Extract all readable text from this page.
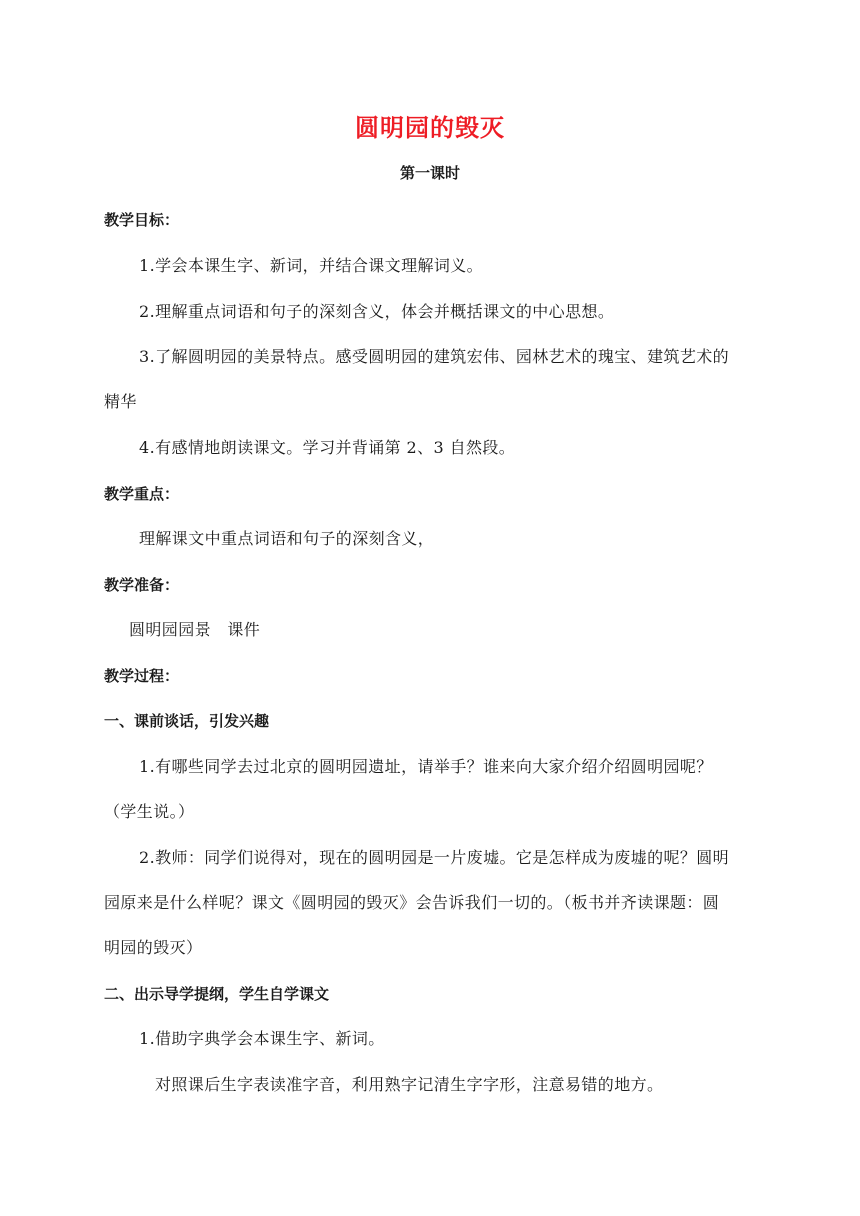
圆明园的毁灭
第一课时
教学目标：
1.学会本课生字、新词，并结合课文理解词义。
2.理解重点词语和句子的深刻含义，体会并概括课文的中心思想。
3.了解圆明园的美景特点。感受圆明园的建筑宏伟、园林艺术的瑰宝、建筑艺术的
精华
4.有感情地朗读课文。学习并背诵第 2、3 自然段。
教学重点：
理解课文中重点词语和句子的深刻含义，
教学准备：
圆明园园景　课件
教学过程：
一、课前谈话，引发兴趣
1.有哪些同学去过北京的圆明园遗址，请举手？谁来向大家介绍介绍圆明园呢？
（学生说。）
2.教师：同学们说得对，现在的圆明园是一片废墟。它是怎样成为废墟的呢？圆明
园原来是什么样呢？课文《圆明园的毁灭》会告诉我们一切的。（板书并齐读课题：圆
明园的毁灭）
二、出示导学提纲，学生自学课文
1.借助字典学会本课生字、新词。
对照课后生字表读准字音，利用熟字记清生字字形，注意易错的地方。
